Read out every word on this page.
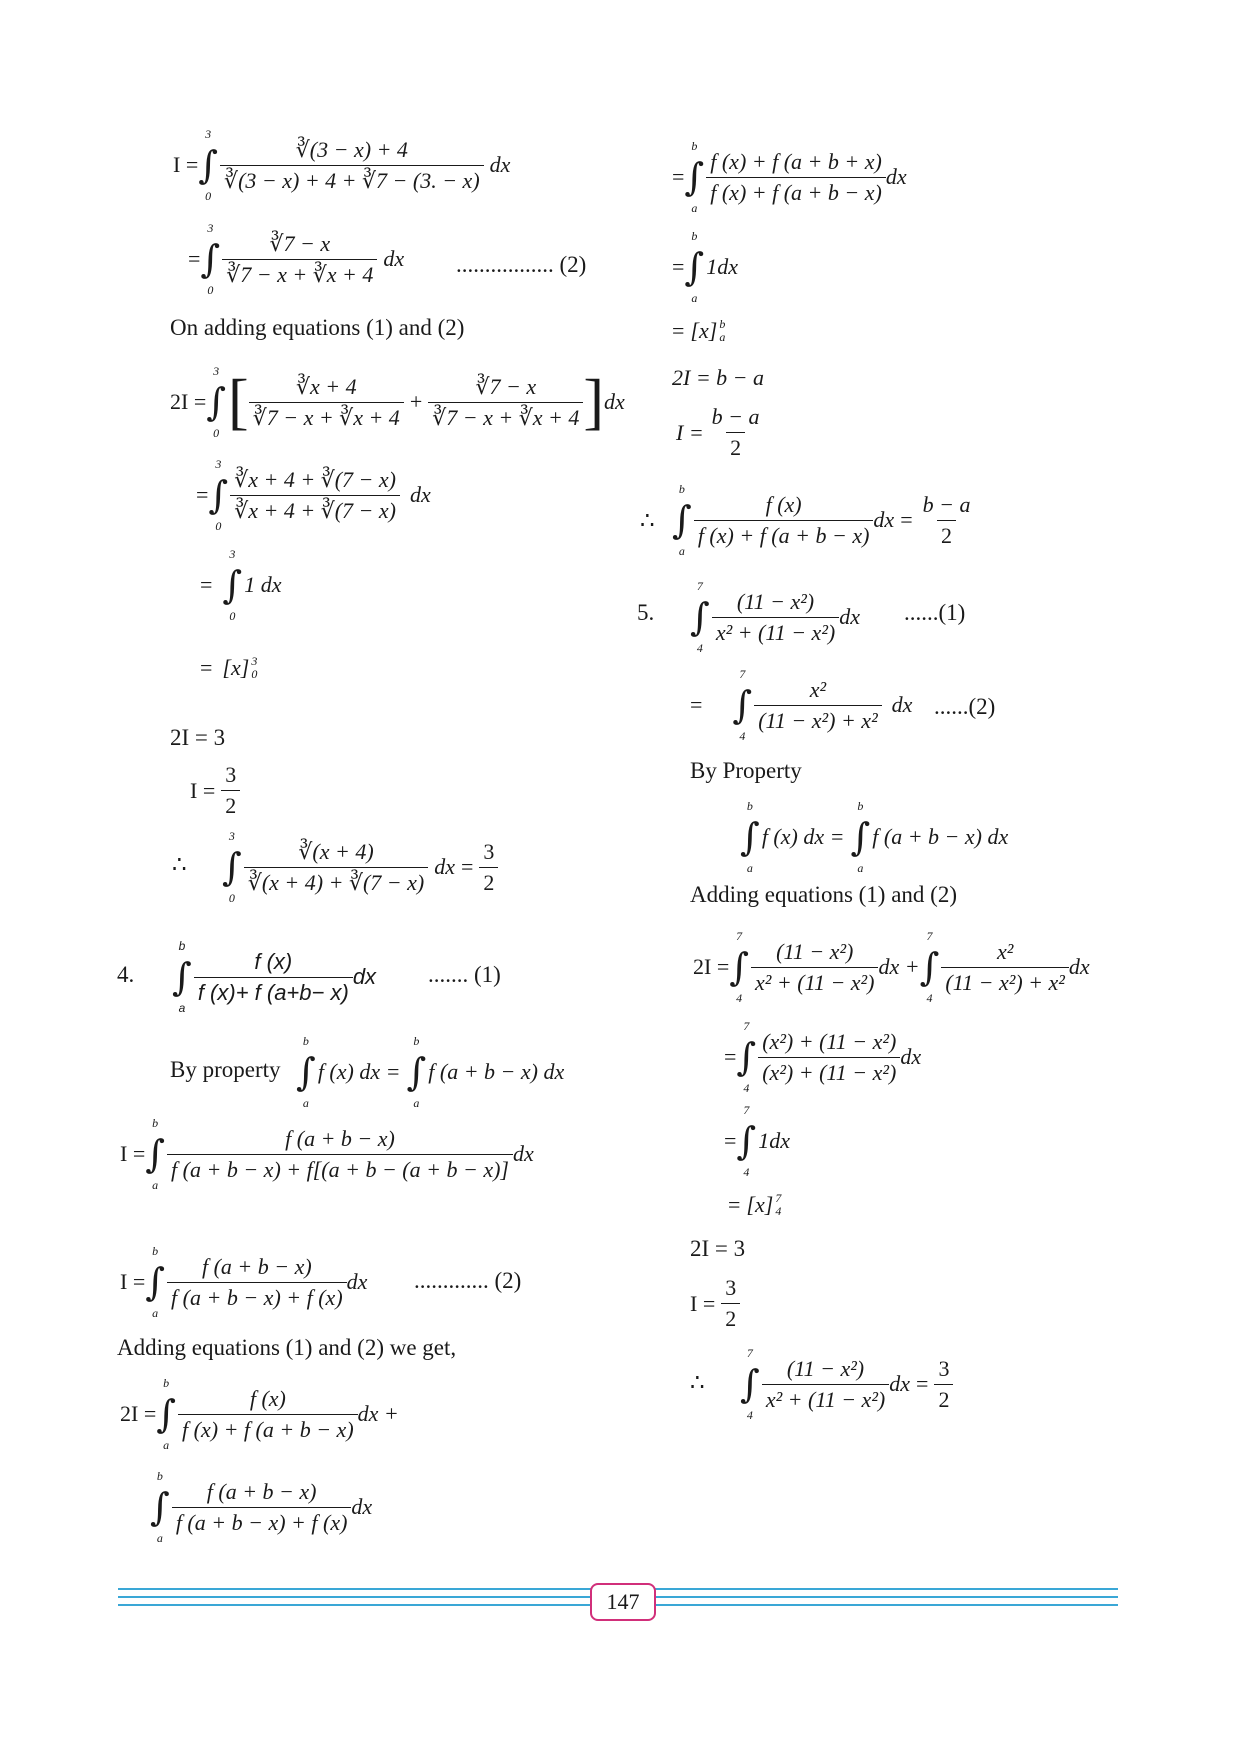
I =
3
∫
0
$\frac{∛(3 - x) + 4}{∛(3 - x) + 4 + ∛7 - (3. - x)}$ dx
=
3
∫
0
$\frac{∛7 - x}{∛7 - x + ∛x + 4}$ dx ................. (2)
On adding equations (1) and (2)
2I =
3
∫
0 [ $\frac{∛x + 4}{∛7 - x + ∛x + 4} + \frac{∛7 - x}{∛7 - x + ∛x + 4}$ ] dx
=
3
∫
0
$\frac{∛x + 4 + ∛(7 - x)}{∛x + 4 + ∛(7 - x)}$ dx
=
3
∫
0
1 dx
= [x] 3
0
2I = 3
$I = \frac{3}{2}$
∴
3
∫
0
$\frac{∛(x + 4)}{∛(x + 4) + ∛(7 - x)}$ dx = $\frac{3}{2}$
4.
b
∫
a
$\frac{f (x)}{f (x)+ f (a+b- x)}$ dx ....... (1)
By property
b
∫
a
f (x) dx =
b
∫
a
f (a + b − x) dx
I =
b
∫
a
$\frac{f (a + b - x)}{f (a + b - x) + f[(a + b - (a + b - x)]}$ dx
I =
b
∫
a
$\frac{f (a + b - x)}{f (a + b - x) + f (x)}$ dx ............. (2)
Adding equations (1) and (2) we get,
2I =
b
∫
a
$\frac{f (x)}{f (x) + f (a + b - x)}$ dx +
b
∫
a
$\frac{f (a + b - x)}{f (a + b - x) + f (x)}$ dx
=
b
∫
a
$\frac{f (x) + f (a + b + x)}{f (x) + f (a + b - x)}$ dx
=
b
∫
a
1dx
= [x] b
a
2I = b − a
$I = \frac{b - a}{2}$
∴
b
∫
a
$\frac{f (x)}{f (x) + f (a + b - x)}$ dx = $\frac{b - a}{2}$
5.
7
∫
4
$\frac{\text{(11 − x²)}}{\text{x² + (11 − x²)}}$ dx ......(1)
=
7
∫
4
$\frac{\text{x²}}{\text{(11 − x²) + x²}}$ dx ......(2)
By Property
b
∫
a
f (x) dx =
b
∫
a
f (a + b − x) dx
Adding equations (1) and (2)
2I =
7
∫
4
$\frac{\text{(11 − x²)}}{\text{x² + (11 − x²)}}$ dx +
7
∫
4
$\frac{\text{x²}}{\text{(11 − x²) + x²}}$ dx
=
7
∫
4
$\frac{\text{(x²) + (11 − x²)}}{\text{(x²) + (11 − x²)}}$ dx
=
7
∫
4
1dx
= [x] 7
4
2I = 3
$I = \frac{3}{2}$
∴
7
∫
4
$\frac{\text{(11 − x²)}}{\text{x² + (11 − x²)}}$ dx = $\frac{3}{2}$
147
